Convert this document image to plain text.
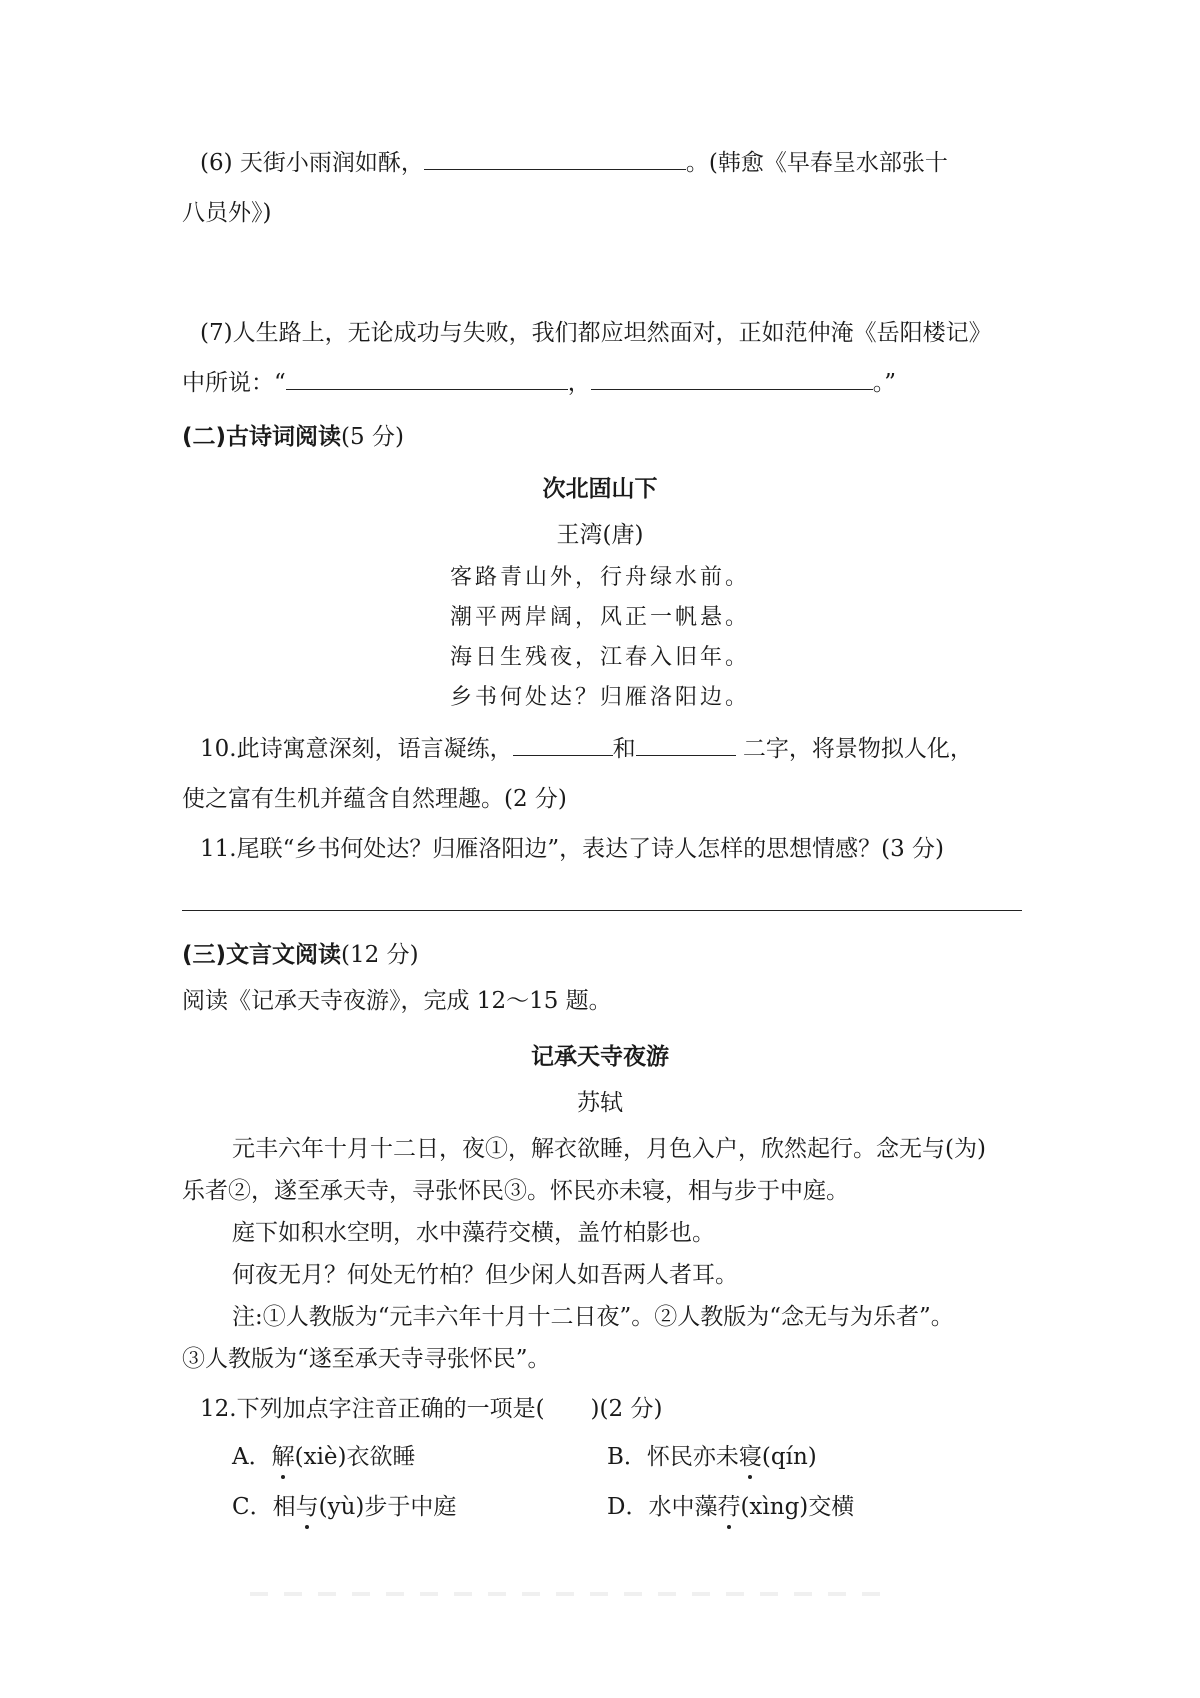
(6) 天街小雨润如酥，	。(韩愈《早春呈水部张十
八员外》)
(7)人生路上，无论成功与失败，我们都应坦然面对，正如范仲淹《岳阳楼记》
中所说：“	，	。”
(二)古诗词阅读(5 分)
次北固山下
王湾(唐)
客路青山外，行舟绿水前。
潮平两岸阔，风正一帆悬。
海日生残夜，江春入旧年。
乡书何处达？归雁洛阳边。
10.此诗寓意深刻，语言凝练，	和	二字，将景物拟人化，
使之富有生机并蕴含自然理趣。(2 分)
11.尾联“乡书何处达？归雁洛阳边”，表达了诗人怎样的思想情感？(3 分)
(三)文言文阅读(12 分)
阅读《记承天寺夜游》，完成 12～15 题。
记承天寺夜游
苏轼
元丰六年十月十二日，夜①，解衣欲睡，月色入户，欣然起行。念无与(为)
乐者②，遂至承天寺，寻张怀民③。怀民亦未寝，相与步于中庭。
庭下如积水空明，水中藻荇交横，盖竹柏影也。
何夜无月？何处无竹柏？但少闲人如吾两人者耳。
注:①人教版为“元丰六年十月十二日夜”。②人教版为“念无与为乐者”。
③人教版为“遂至承天寺寻张怀民”。
12.下列加点字注音正确的一项是(　　)(2 分)
A．解(xiè)衣欲睡	B．怀民亦未寝(qín)
C．相与(yù)步于中庭	D．水中藻荇(xìng)交横
